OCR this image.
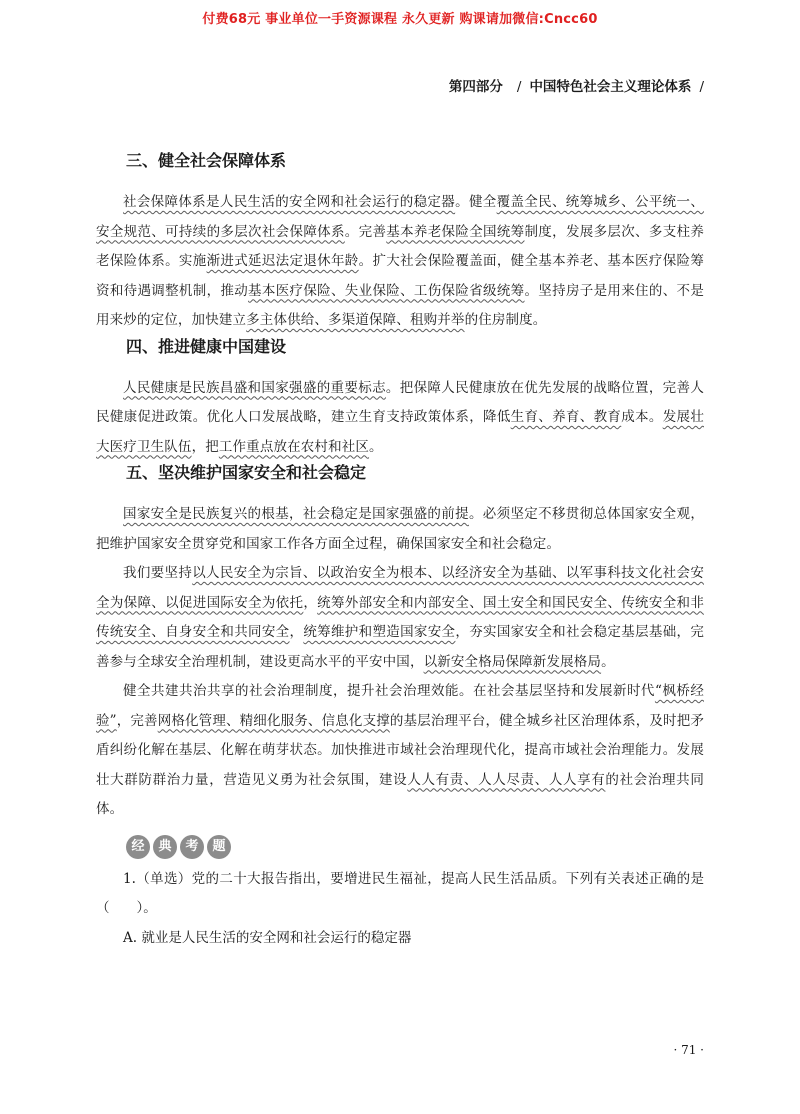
付费68元 事业单位一手资源课程 永久更新 购课请加微信:Cncc60
第四部分 / 中国特色社会主义理论体系 /
三、健全社会保障体系

社会保障体系是人民生活的安全网和社会运行的稳定器。健全覆盖全民、统筹城乡、公平统一、安全规范、可持续的多层次社会保障体系。完善基本养老保险全国统筹制度，发展多层次、多支柱养老保险体系。实施渐进式延迟法定退休年龄。扩大社会保险覆盖面，健全基本养老、基本医疗保险筹资和待遇调整机制，推动基本医疗保险、失业保险、工伤保险省级统筹。坚持房子是用来住的、不是用来炒的定位，加快建立多主体供给、多渠道保障、租购并举的住房制度。

四、推进健康中国建设

人民健康是民族昌盛和国家强盛的重要标志。把保障人民健康放在优先发展的战略位置，完善人民健康促进政策。优化人口发展战略，建立生育支持政策体系，降低生育、养育、教育成本。发展壮大医疗卫生队伍，把工作重点放在农村和社区。

五、坚决维护国家安全和社会稳定

国家安全是民族复兴的根基，社会稳定是国家强盛的前提。必须坚定不移贯彻总体国家安全观，把维护国家安全贯穿党和国家工作各方面全过程，确保国家安全和社会稳定。

我们要坚持以人民安全为宗旨、以政治安全为根本、以经济安全为基础、以军事科技文化社会安全为保障、以促进国际安全为依托，统筹外部安全和内部安全、国土安全和国民安全、传统安全和非传统安全、自身安全和共同安全，统筹维护和塑造国家安全，夯实国家安全和社会稳定基层基础，完善参与全球安全治理机制，建设更高水平的平安中国，以新安全格局保障新发展格局。

健全共建共治共享的社会治理制度，提升社会治理效能。在社会基层坚持和发展新时代“枫桥经验”，完善网格化管理、精细化服务、信息化支撑的基层治理平台，健全城乡社区治理体系，及时把矛盾纠纷化解在基层、化解在萌芽状态。加快推进市域社会治理现代化，提高市域社会治理能力。发展壮大群防群治力量，营造见义勇为社会氛围，建设人人有责、人人尽责、人人享有的社会治理共同体。

经	典	考	题

1.（单选）党的二十大报告指出，要增进民生福祉，提高人民生活品质。下列有关表述正确的是（　　）。

A. 就业是人民生活的安全网和社会运行的稳定器

· 71 ·
